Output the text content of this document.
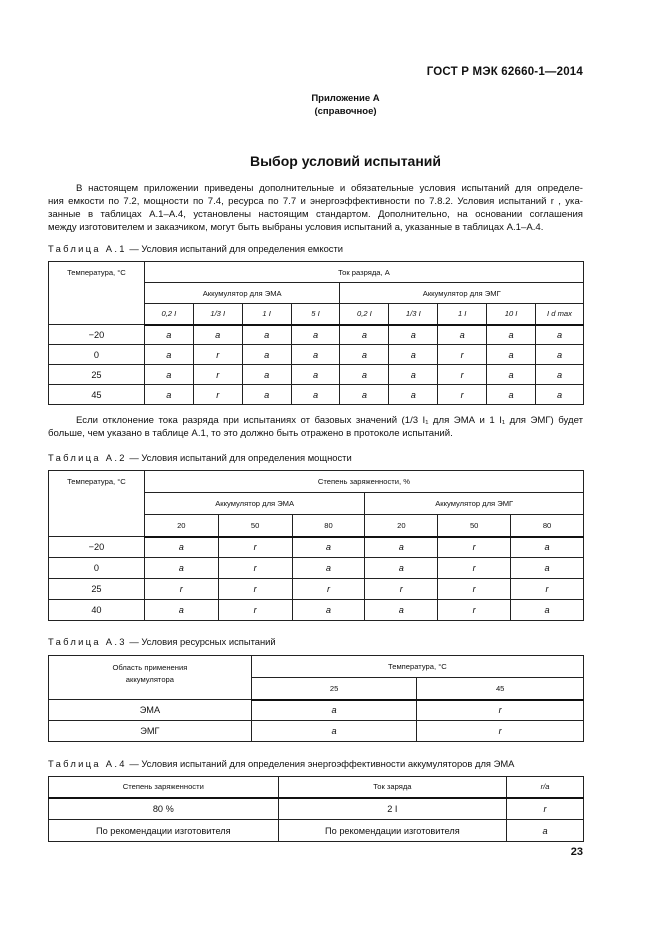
ГОСТ Р МЭК 62660-1—2014
Приложение А
(справочное)
Выбор условий испытаний

В настоящем приложении приведены дополнительные и обязательные условия испытаний для определе-

ния емкости по 7.2, мощности по 7.4, ресурса по 7.7 и энергоэффективности по 7.8.2. Условия испытаний r , ука-

занные в таблицах А.1–А.4, установлены настоящим стандартом. Дополнительно, на основании соглашения

между изготовителем и заказчиком, могут быть выбраны условия испытаний a, указанные в таблицах А.1–А.4.

Таблица А.1 — Условия испытаний для определения емкости
Температура, °С	Ток разряда, А								
	Аккумулятор для ЭМА				Аккумулятор для ЭМГ				
	0,2 I	1/3 I	1 I	5 I	0,2 I	1/3 I	1 I	10 I	I d max
−20	a	a	a	a	a	a	a	a	a
0	a	r	a	a	a	a	r	a	a
25	a	r	a	a	a	a	r	a	a
45	a	r	a	a	a	a	r	a	a

Если отклонение тока разряда при испытаниях от базовых значений (1/3 I₁ для ЭМА и 1 I₁ для ЭМГ) будет

больше, чем указано в таблице А.1, то это должно быть отражено в протоколе испытаний.

Таблица А.2 — Условия испытаний для определения мощности
Температура, °С	Степень заряженности, %					
	Аккумулятор для ЭМА			Аккумулятор для ЭМГ		
	20	50	80	20	50	80
−20	a	r	a	a	r	a
0	a	r	a	a	r	a
25	r	r	r	r	r	r
40	a	r	a	a	r	a
Таблица А.3 — Условия ресурсных испытаний
Область применения аккумулятора	Температура, °С	
	25	45
ЭМА	a	r
ЭМГ	a	r
Таблица А.4 — Условия испытаний для определения энергоэффективности аккумуляторов для ЭМА
Степень заряженности	Ток заряда	r/a
80 %	2 I	r
По рекомендации изготовителя	По рекомендации изготовителя	a
23
